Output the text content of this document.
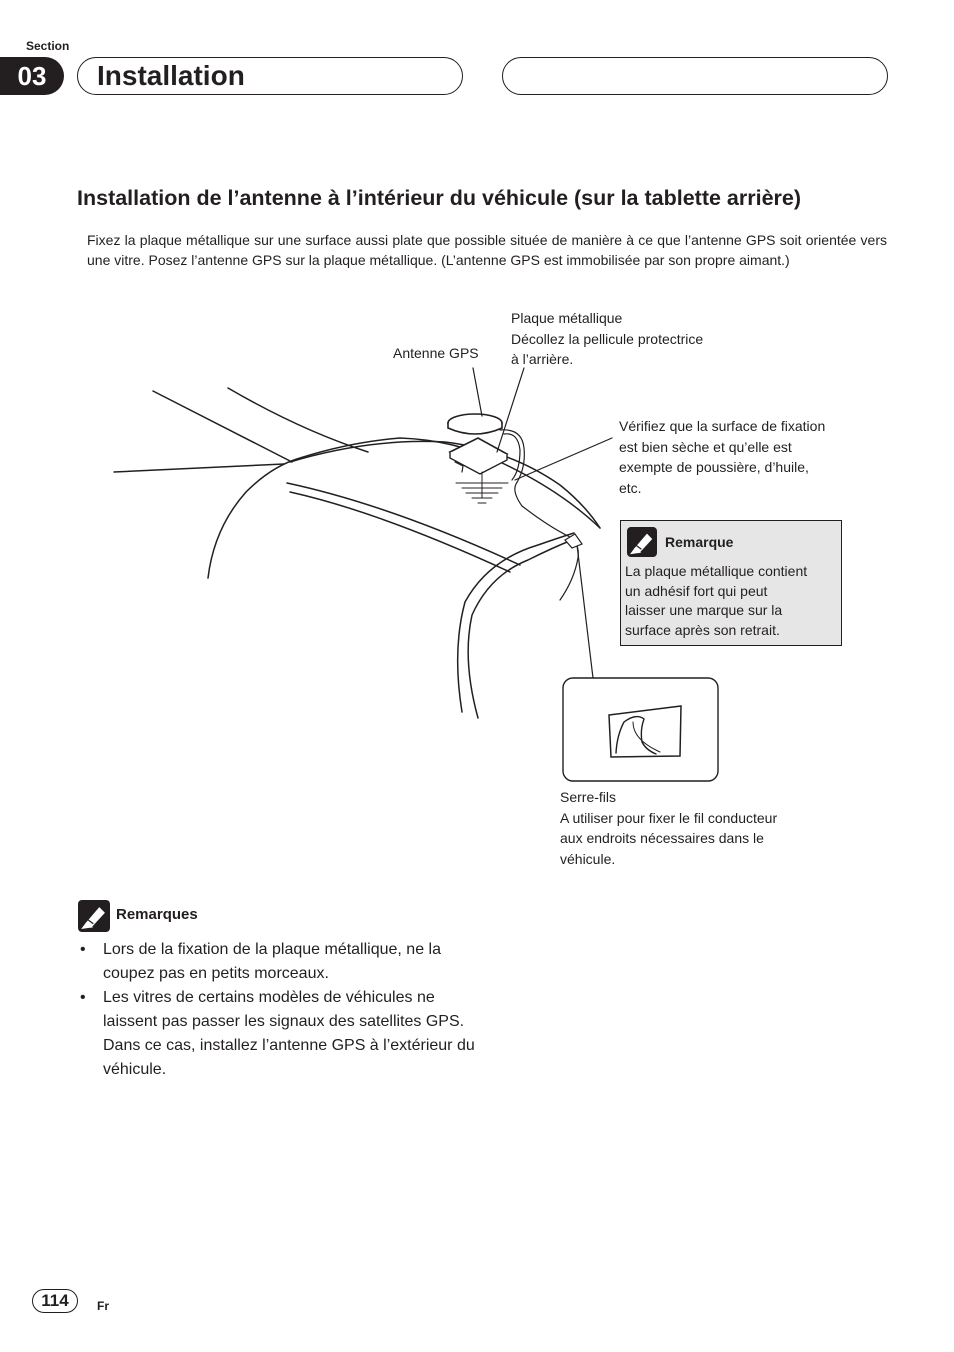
Section
03	Installation
Installation de l’antenne à l’intérieur du véhicule (sur la tablette arrière)
Fixez la plaque métallique sur une surface aussi plate que possible située de manière à ce que l’antenne GPS soit orientée vers une vitre. Posez l’antenne GPS sur la plaque métallique. (L’antenne GPS est immobilisée par son propre aimant.)
Antenne GPS
Plaque métallique
Décollez la pellicule protectrice
à l’arrière.
Vérifiez que la surface de fixation
est bien sèche et qu’elle est
exempte de poussière, d’huile,
etc.
Remarque
La plaque métallique contient
un adhésif fort qui peut
laisser une marque sur la
surface après son retrait.
Serre-fils
A utiliser pour fixer le fil conducteur
aux endroits nécessaires dans le
véhicule.
Remarques
• Lors de la fixation de la plaque métallique, ne la coupez pas en petits morceaux.
• Les vitres de certains modèles de véhicules ne laissent pas passer les signaux des satellites GPS. Dans ce cas, installez l’antenne GPS à l’extérieur du véhicule.
114	Fr
